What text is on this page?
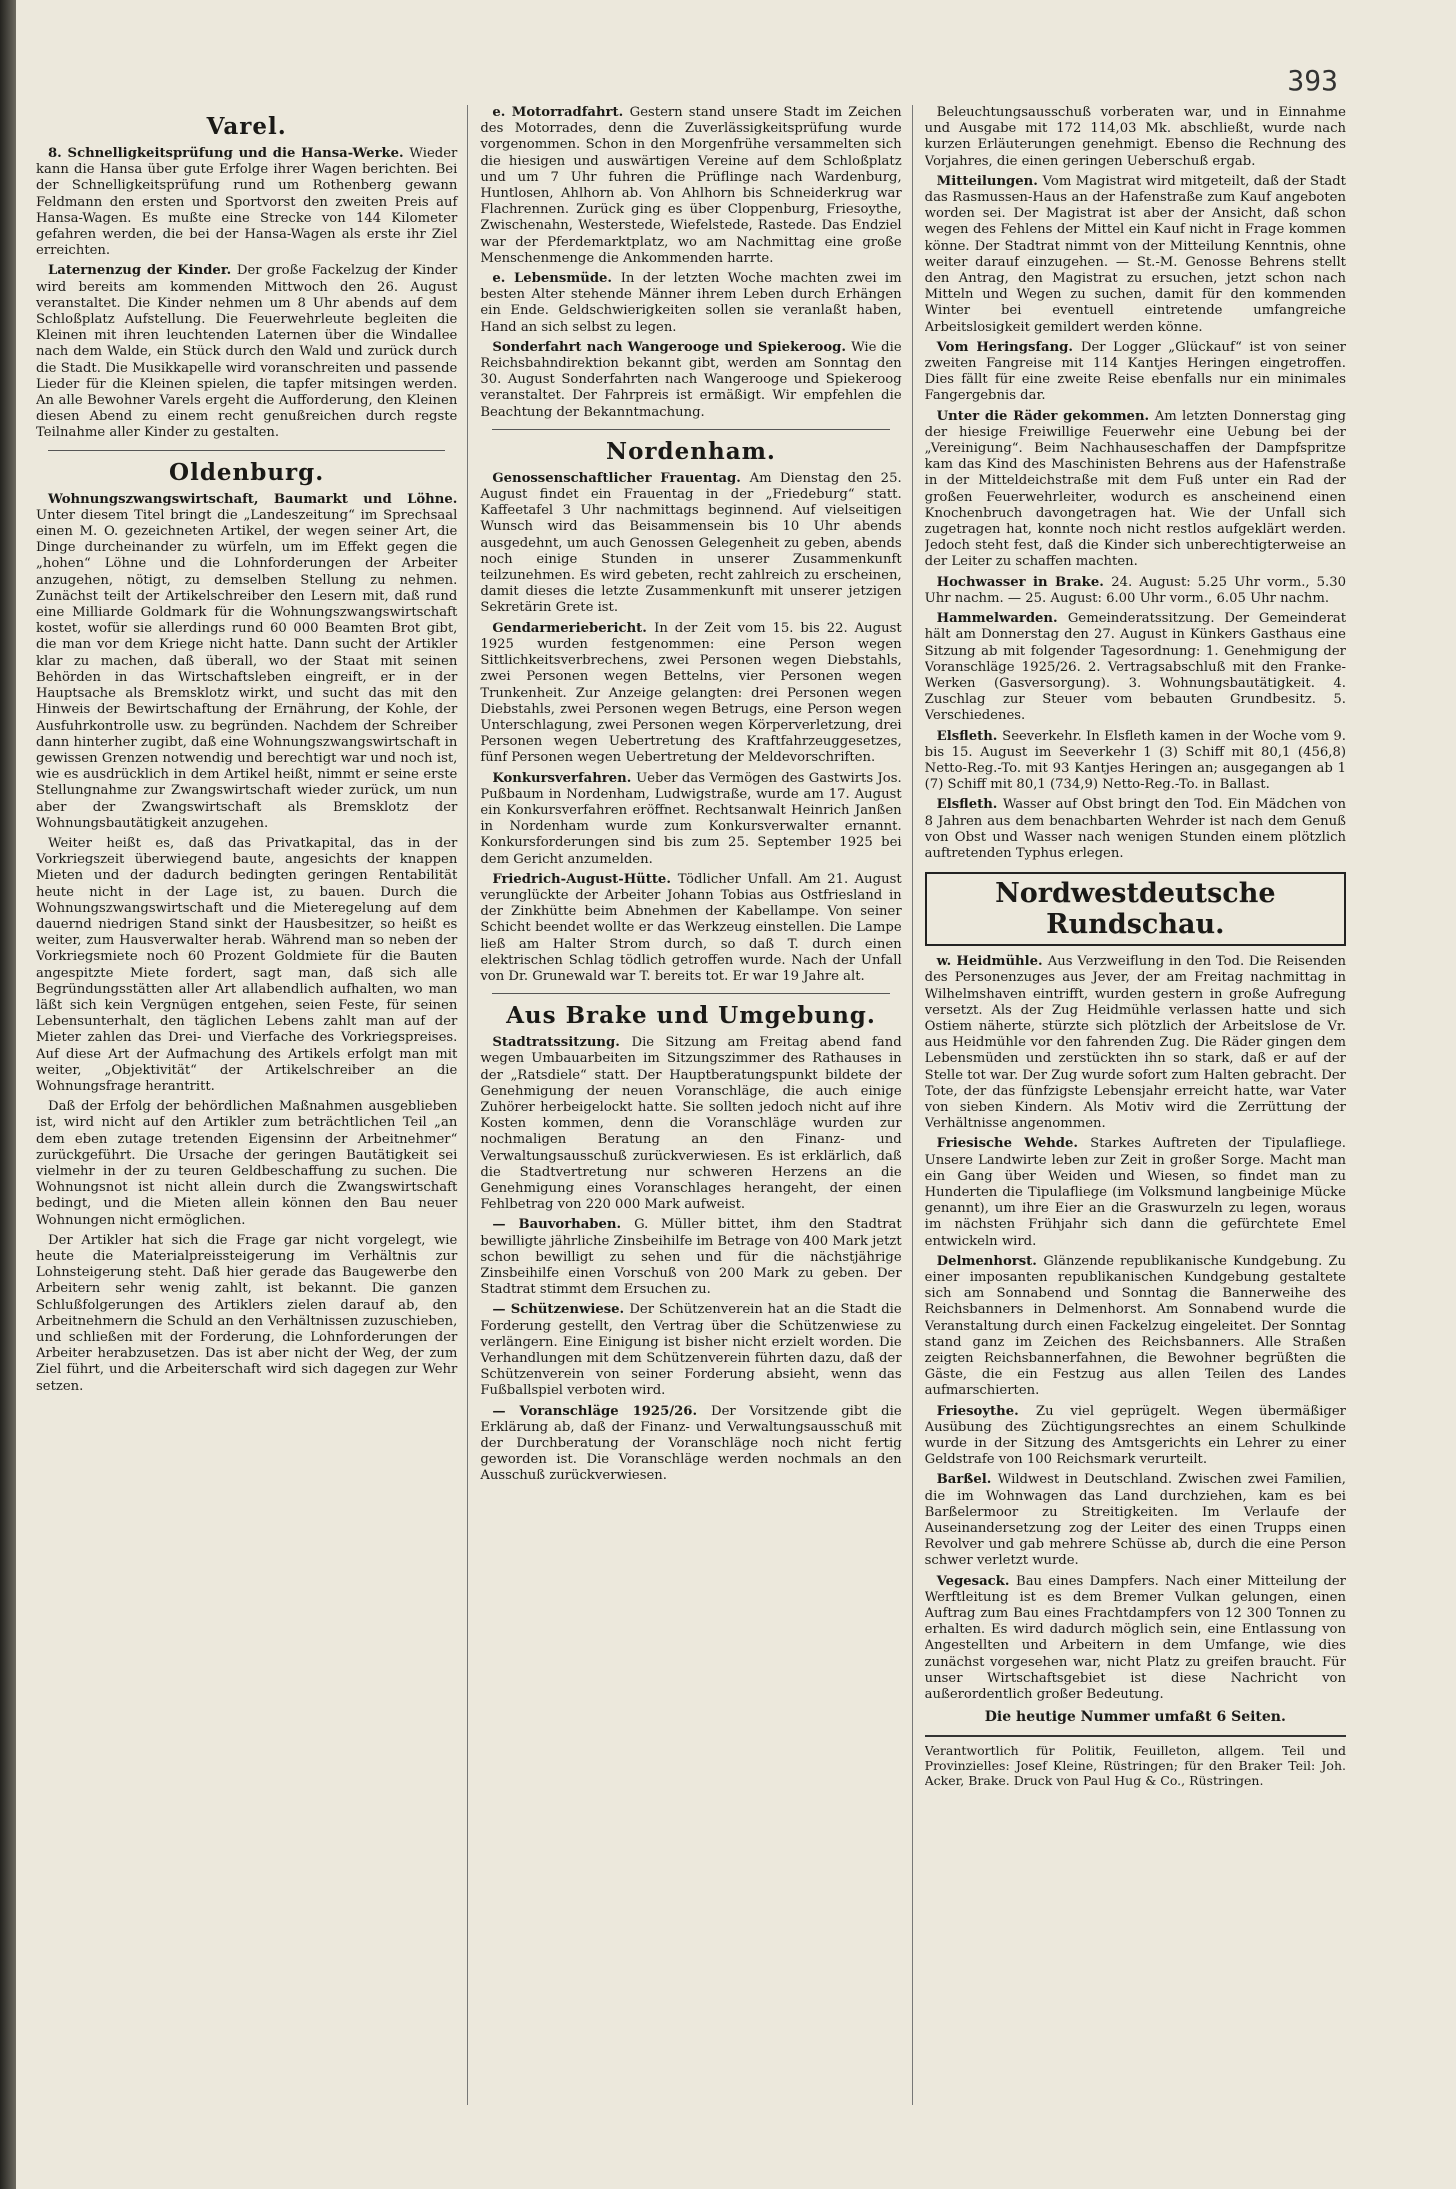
393
Varel.

8. Schnelligkeitsprüfung und die Hansa-Werke. Wieder kann die Hansa über gute Erfolge ihrer Wagen berichten. Bei der Schnelligkeitsprüfung rund um Rothenberg gewann Feldmann den ersten und Sportvorst den zweiten Preis auf Hansa-Wagen. Es mußte eine Strecke von 144 Kilometer gefahren werden, die bei der Hansa-Wagen als erste ihr Ziel erreichten.

Laternenzug der Kinder. Der große Fackelzug der Kinder wird bereits am kommenden Mittwoch den 26. August veranstaltet. Die Kinder nehmen um 8 Uhr abends auf dem Schloßplatz Aufstellung. Die Feuerwehrleute begleiten die Kleinen mit ihren leuchtenden Laternen über die Windallee nach dem Walde, ein Stück durch den Wald und zurück durch die Stadt. Die Musikkapelle wird voranschreiten und passende Lieder für die Kleinen spielen, die tapfer mitsingen werden. An alle Bewohner Varels ergeht die Aufforderung, den Kleinen diesen Abend zu einem recht genußreichen durch regste Teilnahme aller Kinder zu gestalten.

Oldenburg.

Wohnungszwangswirtschaft, Baumarkt und Löhne. Unter diesem Titel bringt die „Landeszeitung“ im Sprechsaal einen M. O. gezeichneten Artikel, der wegen seiner Art, die Dinge durcheinander zu würfeln, um im Effekt gegen die „hohen“ Löhne und die Lohnforderungen der Arbeiter anzugehen, nötigt, zu demselben Stellung zu nehmen. Zunächst teilt der Artikelschreiber den Lesern mit, daß rund eine Milliarde Goldmark für die Wohnungszwangswirtschaft kostet, wofür sie allerdings rund 60 000 Beamten Brot gibt, die man vor dem Kriege nicht hatte. Dann sucht der Artikler klar zu machen, daß überall, wo der Staat mit seinen Behörden in das Wirtschaftsleben eingreift, er in der Hauptsache als Bremsklotz wirkt, und sucht das mit den Hinweis der Bewirtschaftung der Ernährung, der Kohle, der Ausfuhrkontrolle usw. zu begründen. Nachdem der Schreiber dann hinterher zugibt, daß eine Wohnungszwangswirtschaft in gewissen Grenzen notwendig und berechtigt war und noch ist, wie es ausdrücklich in dem Artikel heißt, nimmt er seine erste Stellungnahme zur Zwangswirtschaft wieder zurück, um nun aber der Zwangswirtschaft als Bremsklotz der Wohnungsbautätigkeit anzugehen.

Weiter heißt es, daß das Privatkapital, das in der Vorkriegszeit überwiegend baute, angesichts der knappen Mieten und der dadurch bedingten geringen Rentabilität heute nicht in der Lage ist, zu bauen. Durch die Wohnungszwangswirtschaft und die Mieteregelung auf dem dauernd niedrigen Stand sinkt der Hausbesitzer, so heißt es weiter, zum Hausverwalter herab. Während man so neben der Vorkriegsmiete noch 60 Prozent Goldmiete für die Bauten angespitzte Miete fordert, sagt man, daß sich alle Begründungsstätten aller Art allabendlich aufhalten, wo man läßt sich kein Vergnügen entgehen, seien Feste, für seinen Lebensunterhalt, den täglichen Lebens zahlt man auf der Mieter zahlen das Drei- und Vierfache des Vorkriegspreises. Auf diese Art der Aufmachung des Artikels erfolgt man mit weiter, „Objektivität“ der Artikelschreiber an die Wohnungsfrage herantritt.

Daß der Erfolg der behördlichen Maßnahmen ausgeblieben ist, wird nicht auf den Artikler zum beträchtlichen Teil „an dem eben zutage tretenden Eigensinn der Arbeitnehmer“ zurückgeführt. Die Ursache der geringen Bautätigkeit sei vielmehr in der zu teuren Geldbeschaffung zu suchen. Die Wohnungsnot ist nicht allein durch die Zwangswirtschaft bedingt, und die Mieten allein können den Bau neuer Wohnungen nicht ermöglichen.

Der Artikler hat sich die Frage gar nicht vorgelegt, wie heute die Materialpreissteigerung im Verhältnis zur Lohnsteigerung steht. Daß hier gerade das Baugewerbe den Arbeitern sehr wenig zahlt, ist bekannt. Die ganzen Schlußfolgerungen des Artiklers zielen darauf ab, den Arbeitnehmern die Schuld an den Verhältnissen zuzuschieben, und schließen mit der Forderung, die Lohnforderungen der Arbeiter herabzusetzen. Das ist aber nicht der Weg, der zum Ziel führt, und die Arbeiterschaft wird sich dagegen zur Wehr setzen.

e. Motorradfahrt. Gestern stand unsere Stadt im Zeichen des Motorrades, denn die Zuverlässigkeitsprüfung wurde vorgenommen. Schon in den Morgenfrühe versammelten sich die hiesigen und auswärtigen Vereine auf dem Schloßplatz und um 7 Uhr fuhren die Prüflinge nach Wardenburg, Huntlosen, Ahlhorn ab. Von Ahlhorn bis Schneiderkrug war Flachrennen. Zurück ging es über Cloppenburg, Friesoythe, Zwischenahn, Westerstede, Wiefelstede, Rastede. Das Endziel war der Pferdemarktplatz, wo am Nachmittag eine große Menschenmenge die Ankommenden harrte.

e. Lebensmüde. In der letzten Woche machten zwei im besten Alter stehende Männer ihrem Leben durch Erhängen ein Ende. Geldschwierigkeiten sollen sie veranlaßt haben, Hand an sich selbst zu legen.

Sonderfahrt nach Wangerooge und Spiekeroog. Wie die Reichsbahndirektion bekannt gibt, werden am Sonntag den 30. August Sonderfahrten nach Wangerooge und Spiekeroog veranstaltet. Der Fahrpreis ist ermäßigt. Wir empfehlen die Beachtung der Bekanntmachung.

Nordenham.

Genossenschaftlicher Frauentag. Am Dienstag den 25. August findet ein Frauentag in der „Friedeburg“ statt. Kaffeetafel 3 Uhr nachmittags beginnend. Auf vielseitigen Wunsch wird das Beisammensein bis 10 Uhr abends ausgedehnt, um auch Genossen Gelegenheit zu geben, abends noch einige Stunden in unserer Zusammenkunft teilzunehmen. Es wird gebeten, recht zahlreich zu erscheinen, damit dieses die letzte Zusammenkunft mit unserer jetzigen Sekretärin Grete ist.

Gendarmeriebericht. In der Zeit vom 15. bis 22. August 1925 wurden festgenommen: eine Person wegen Sittlichkeitsverbrechens, zwei Personen wegen Diebstahls, zwei Personen wegen Bettelns, vier Personen wegen Trunkenheit. Zur Anzeige gelangten: drei Personen wegen Diebstahls, zwei Personen wegen Betrugs, eine Person wegen Unterschlagung, zwei Personen wegen Körperverletzung, drei Personen wegen Uebertretung des Kraftfahrzeuggesetzes, fünf Personen wegen Uebertretung der Meldevorschriften.

Konkursverfahren. Ueber das Vermögen des Gastwirts Jos. Pußbaum in Nordenham, Ludwigstraße, wurde am 17. August ein Konkursverfahren eröffnet. Rechtsanwalt Heinrich Janßen in Nordenham wurde zum Konkursverwalter ernannt. Konkursforderungen sind bis zum 25. September 1925 bei dem Gericht anzumelden.

Friedrich-August-Hütte. Tödlicher Unfall. Am 21. August verunglückte der Arbeiter Johann Tobias aus Ostfriesland in der Zinkhütte beim Abnehmen der Kabellampe. Von seiner Schicht beendet wollte er das Werkzeug einstellen. Die Lampe ließ am Halter Strom durch, so daß T. durch einen elektrischen Schlag tödlich getroffen wurde. Nach der Unfall von Dr. Grunewald war T. bereits tot. Er war 19 Jahre alt.

Aus Brake und Umgebung.

Stadtratssitzung. Die Sitzung am Freitag abend fand wegen Umbauarbeiten im Sitzungszimmer des Rathauses in der „Ratsdiele“ statt. Der Hauptberatungspunkt bildete der Genehmigung der neuen Voranschläge, die auch einige Zuhörer herbeigelockt hatte. Sie sollten jedoch nicht auf ihre Kosten kommen, denn die Voranschläge wurden zur nochmaligen Beratung an den Finanz- und Verwaltungsausschuß zurückverwiesen. Es ist erklärlich, daß die Stadtvertretung nur schweren Herzens an die Genehmigung eines Voranschlages herangeht, der einen Fehlbetrag von 220 000 Mark aufweist.

— Bauvorhaben. G. Müller bittet, ihm den Stadtrat bewilligte jährliche Zinsbeihilfe im Betrage von 400 Mark jetzt schon bewilligt zu sehen und für die nächstjährige Zinsbeihilfe einen Vorschuß von 200 Mark zu geben. Der Stadtrat stimmt dem Ersuchen zu.

— Schützenwiese. Der Schützenverein hat an die Stadt die Forderung gestellt, den Vertrag über die Schützenwiese zu verlängern. Eine Einigung ist bisher nicht erzielt worden. Die Verhandlungen mit dem Schützenverein führten dazu, daß der Schützenverein von seiner Forderung absieht, wenn das Fußballspiel verboten wird.

— Voranschläge 1925/26. Der Vorsitzende gibt die Erklärung ab, daß der Finanz- und Verwaltungsausschuß mit der Durchberatung der Voranschläge noch nicht fertig geworden ist. Die Voranschläge werden nochmals an den Ausschuß zurückverwiesen.

Beleuchtungsausschuß vorberaten war, und in Einnahme und Ausgabe mit 172 114,03 Mk. abschließt, wurde nach kurzen Erläuterungen genehmigt. Ebenso die Rechnung des Vorjahres, die einen geringen Ueberschuß ergab.

Mitteilungen. Vom Magistrat wird mitgeteilt, daß der Stadt das Rasmussen-Haus an der Hafenstraße zum Kauf angeboten worden sei. Der Magistrat ist aber der Ansicht, daß schon wegen des Fehlens der Mittel ein Kauf nicht in Frage kommen könne. Der Stadtrat nimmt von der Mitteilung Kenntnis, ohne weiter darauf einzugehen. — St.-M. Genosse Behrens stellt den Antrag, den Magistrat zu ersuchen, jetzt schon nach Mitteln und Wegen zu suchen, damit für den kommenden Winter bei eventuell eintretende umfangreiche Arbeitslosigkeit gemildert werden könne.

Vom Heringsfang. Der Logger „Glückauf“ ist von seiner zweiten Fangreise mit 114 Kantjes Heringen eingetroffen. Dies fällt für eine zweite Reise ebenfalls nur ein minimales Fangergebnis dar.

Unter die Räder gekommen. Am letzten Donnerstag ging der hiesige Freiwillige Feuerwehr eine Uebung bei der „Vereinigung“. Beim Nachhauseschaffen der Dampfspritze kam das Kind des Maschinisten Behrens aus der Hafenstraße in der Mitteldeichstraße mit dem Fuß unter ein Rad der großen Feuerwehrleiter, wodurch es anscheinend einen Knochenbruch davongetragen hat. Wie der Unfall sich zugetragen hat, konnte noch nicht restlos aufgeklärt werden. Jedoch steht fest, daß die Kinder sich unberechtigterweise an der Leiter zu schaffen machten.

Hochwasser in Brake. 24. August: 5.25 Uhr vorm., 5.30 Uhr nachm. — 25. August: 6.00 Uhr vorm., 6.05 Uhr nachm.

Hammelwarden. Gemeinderatssitzung. Der Gemeinderat hält am Donnerstag den 27. August in Künkers Gasthaus eine Sitzung ab mit folgender Tagesordnung: 1. Genehmigung der Voranschläge 1925/26. 2. Vertragsabschluß mit den Franke-Werken (Gasversorgung). 3. Wohnungsbautätigkeit. 4. Zuschlag zur Steuer vom bebauten Grundbesitz. 5. Verschiedenes.

Elsfleth. Seeverkehr. In Elsfleth kamen in der Woche vom 9. bis 15. August im Seeverkehr 1 (3) Schiff mit 80,1 (456,8) Netto-Reg.-To. mit 93 Kantjes Heringen an; ausgegangen ab 1 (7) Schiff mit 80,1 (734,9) Netto-Reg.-To. in Ballast.

Elsfleth. Wasser auf Obst bringt den Tod. Ein Mädchen von 8 Jahren aus dem benachbarten Wehrder ist nach dem Genuß von Obst und Wasser nach wenigen Stunden einem plötzlich auftretenden Typhus erlegen.

Nordwestdeutsche Rundschau.

w. Heidmühle. Aus Verzweiflung in den Tod. Die Reisenden des Personenzuges aus Jever, der am Freitag nachmittag in Wilhelmshaven eintrifft, wurden gestern in große Aufregung versetzt. Als der Zug Heidmühle verlassen hatte und sich Ostiem näherte, stürzte sich plötzlich der Arbeitslose de Vr. aus Heidmühle vor den fahrenden Zug. Die Räder gingen dem Lebensmüden und zerstückten ihn so stark, daß er auf der Stelle tot war. Der Zug wurde sofort zum Halten gebracht. Der Tote, der das fünfzigste Lebensjahr erreicht hatte, war Vater von sieben Kindern. Als Motiv wird die Zerrüttung der Verhältnisse angenommen.

Friesische Wehde. Starkes Auftreten der Tipulafliege. Unsere Landwirte leben zur Zeit in großer Sorge. Macht man ein Gang über Weiden und Wiesen, so findet man zu Hunderten die Tipulafliege (im Volksmund langbeinige Mücke genannt), um ihre Eier an die Graswurzeln zu legen, woraus im nächsten Frühjahr sich dann die gefürchtete Emel entwickeln wird.

Delmenhorst. Glänzende republikanische Kundgebung. Zu einer imposanten republikanischen Kundgebung gestaltete sich am Sonnabend und Sonntag die Bannerweihe des Reichsbanners in Delmenhorst. Am Sonnabend wurde die Veranstaltung durch einen Fackelzug eingeleitet. Der Sonntag stand ganz im Zeichen des Reichsbanners. Alle Straßen zeigten Reichsbannerfahnen, die Bewohner begrüßten die Gäste, die ein Festzug aus allen Teilen des Landes aufmarschierten.

Friesoythe. Zu viel geprügelt. Wegen übermäßiger Ausübung des Züchtigungsrechtes an einem Schulkinde wurde in der Sitzung des Amtsgerichts ein Lehrer zu einer Geldstrafe von 100 Reichsmark verurteilt.

Barßel. Wildwest in Deutschland. Zwischen zwei Familien, die im Wohnwagen das Land durchziehen, kam es bei Barßelermoor zu Streitigkeiten. Im Verlaufe der Auseinandersetzung zog der Leiter des einen Trupps einen Revolver und gab mehrere Schüsse ab, durch die eine Person schwer verletzt wurde.

Vegesack. Bau eines Dampfers. Nach einer Mitteilung der Werftleitung ist es dem Bremer Vulkan gelungen, einen Auftrag zum Bau eines Frachtdampfers von 12 300 Tonnen zu erhalten. Es wird dadurch möglich sein, eine Entlassung von Angestellten und Arbeitern in dem Umfange, wie dies zunächst vorgesehen war, nicht Platz zu greifen braucht. Für unser Wirtschaftsgebiet ist diese Nachricht von außerordentlich großer Bedeutung.

Die heutige Nummer umfaßt 6 Seiten.

Verantwortlich für Politik, Feuilleton, allgem. Teil und Provinzielles: Josef Kleine, Rüstringen; für den Braker Teil: Joh. Acker, Brake. Druck von Paul Hug & Co., Rüstringen.
